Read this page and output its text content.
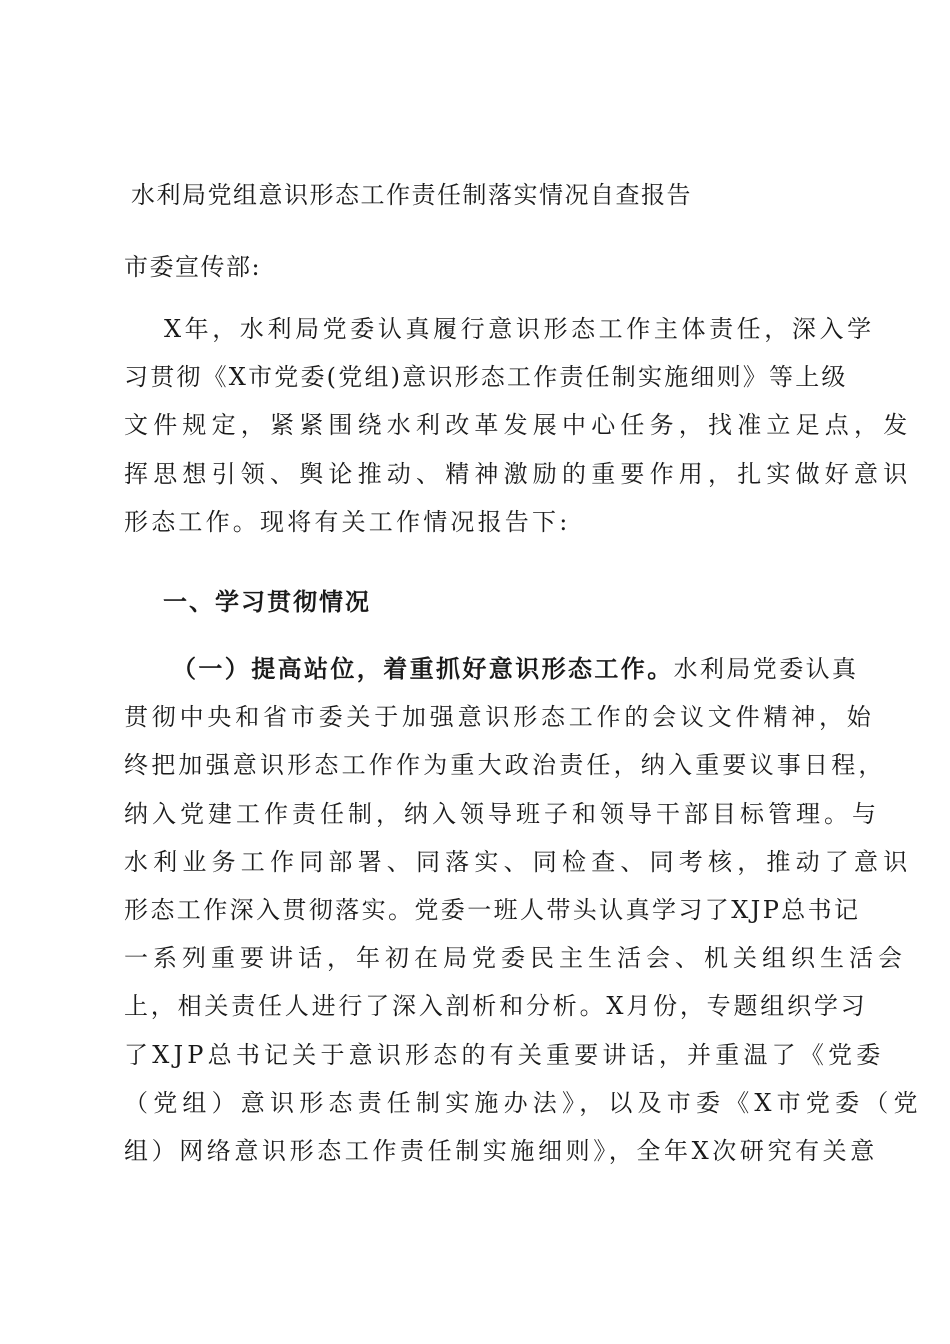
水利局党组意识形态工作责任制落实情况自查报告
市委宣传部:
X年，水利局党委认真履行意识形态工作主体责任，深入学
习贯彻《X市党委(党组)意识形态工作责任制实施细则》等上级
文件规定，紧紧围绕水利改革发展中心任务，找准立足点，发
挥思想引领、舆论推动、精神激励的重要作用，扎实做好意识
形态工作。现将有关工作情况报告下:
一、学习贯彻情况
（一）提高站位，着重抓好意识形态工作。水利局党委认真
贯彻中央和省市委关于加强意识形态工作的会议文件精神，始
终把加强意识形态工作作为重大政治责任，纳入重要议事日程，
纳入党建工作责任制，纳入领导班子和领导干部目标管理。与
水利业务工作同部署、同落实、同检查、同考核，推动了意识
形态工作深入贯彻落实。党委一班人带头认真学习了XJP总书记
一系列重要讲话，年初在局党委民主生活会、机关组织生活会
上，相关责任人进行了深入剖析和分析。X月份，专题组织学习
了XJP总书记关于意识形态的有关重要讲话，并重温了《党委
（党组）意识形态责任制实施办法》，以及市委《X市党委（党
组）网络意识形态工作责任制实施细则》，全年X次研究有关意
